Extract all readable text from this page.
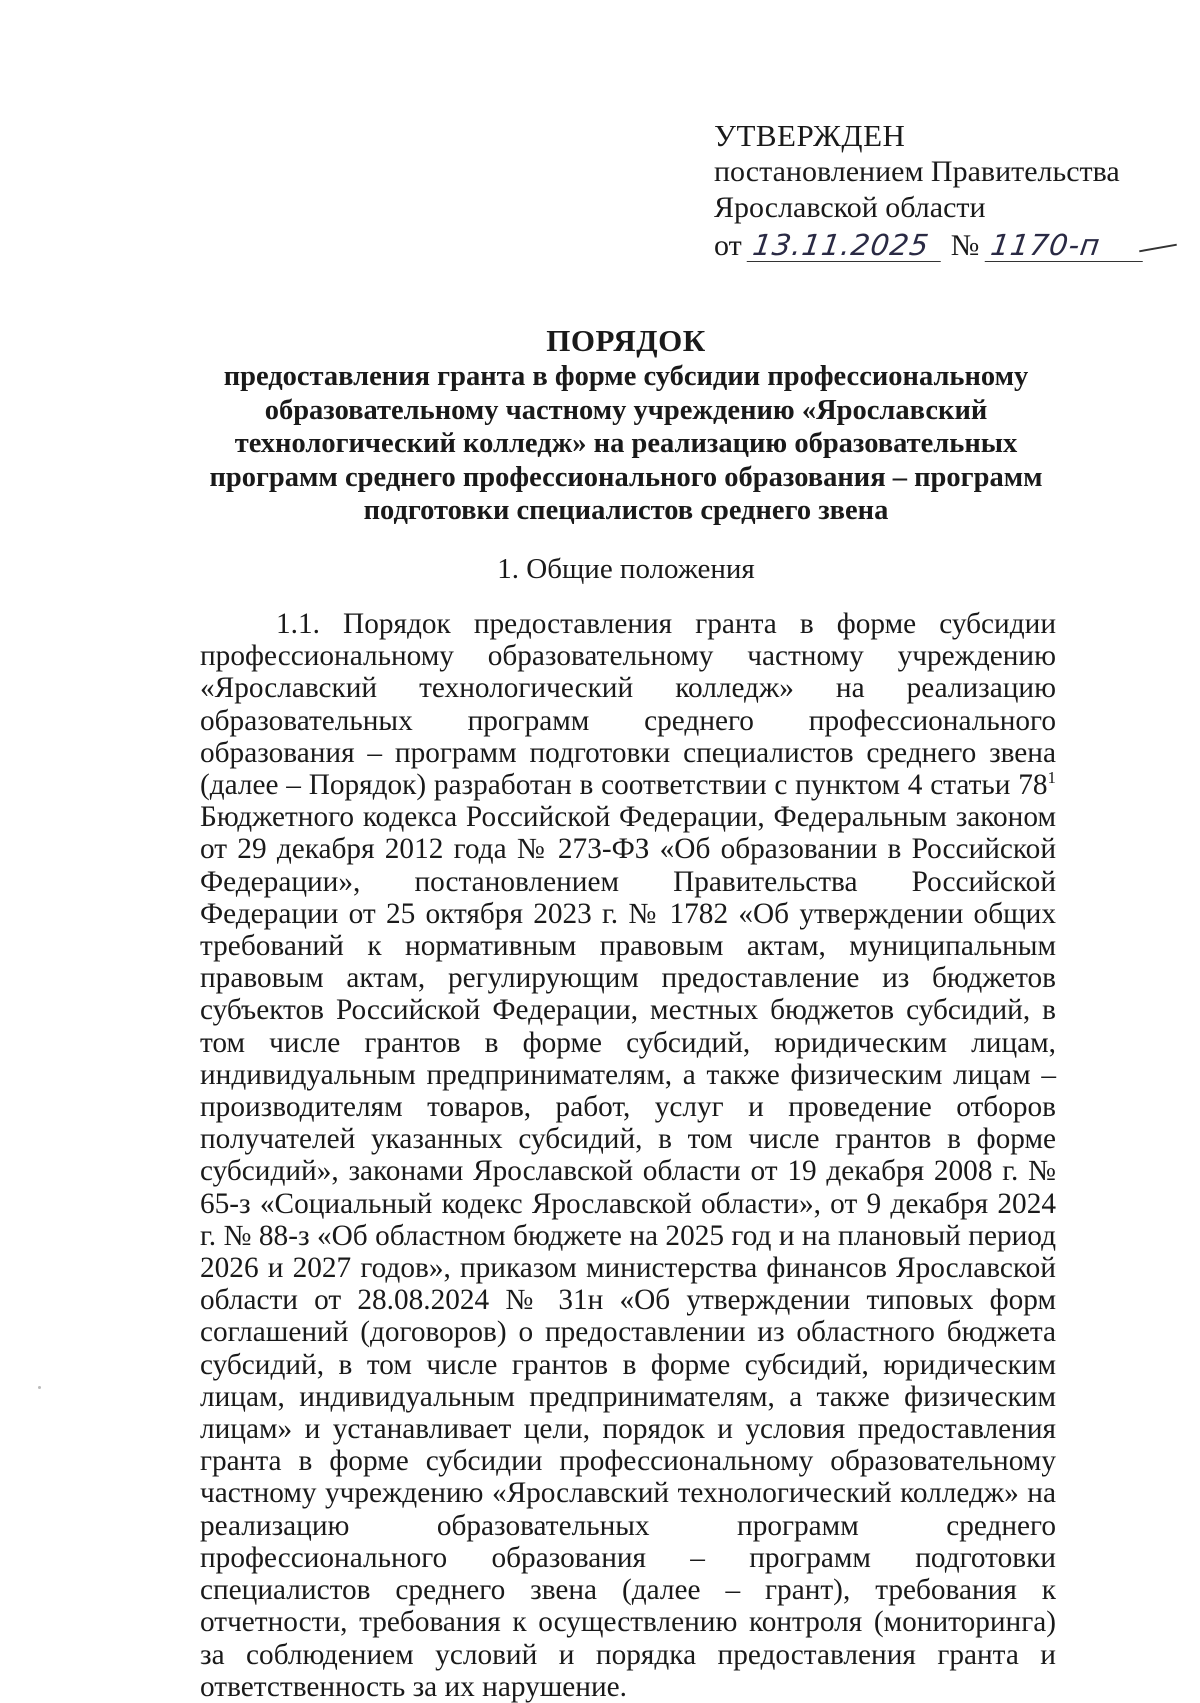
УТВЕРЖДЕН
постановлением Правительства
Ярославской области
от 13.11.2025 № 1170-п
ПОРЯДОК
предоставления гранта в форме субсидии профессиональному образовательному частному учреждению «Ярославский технологический колледж» на реализацию образовательных программ среднего профессионального образования – программ подготовки специалистов среднего звена
1. Общие положения
1.1. Порядок предоставления гранта в форме субсидии профессиональному образовательному частному учреждению «Ярославский технологический колледж» на реализацию образовательных программ среднего профессионального образования – программ подготовки специалистов среднего звена (далее – Порядок) разработан в соответствии с пунктом 4 статьи $78^1$ Бюджетного кодекса Российской Федерации, Федеральным законом от 29 декабря 2012 года № 273-ФЗ «Об образовании в Российской Федерации», постановлением Правительства Российской Федерации от 25 октября 2023 г. № 1782 «Об утверждении общих требований к нормативным правовым актам, муниципальным правовым актам, регулирующим предоставление из бюджетов субъектов Российской Федерации, местных бюджетов субсидий, в том числе грантов в форме субсидий, юридическим лицам, индивидуальным предпринимателям, а также физическим лицам – производителям товаров, работ, услуг и проведение отборов получателей указанных субсидий, в том числе грантов в форме субсидий», законами Ярославской области от 19 декабря 2008 г. № 65-з «Социальный кодекс Ярославской области», от 9 декабря 2024 г. № 88-з «Об областном бюджете на 2025 год и на плановый период 2026 и 2027 годов», приказом министерства финансов Ярославской области от 28.08.2024 № 31н «Об утверждении типовых форм соглашений (договоров) о предоставлении из областного бюджета субсидий, в том числе грантов в форме субсидий, юридическим лицам, индивидуальным предпринимателям, а также физическим лицам» и устанавливает цели, порядок и условия предоставления гранта в форме субсидии профессиональному образовательному частному учреждению «Ярославский технологический колледж» на реализацию образовательных программ среднего профессионального образования – программ подготовки специалистов среднего звена (далее – грант), требования к отчетности, требования к осуществлению контроля (мониторинга) за соблюдением условий и порядка предоставления гранта и ответственность за их нарушение.
